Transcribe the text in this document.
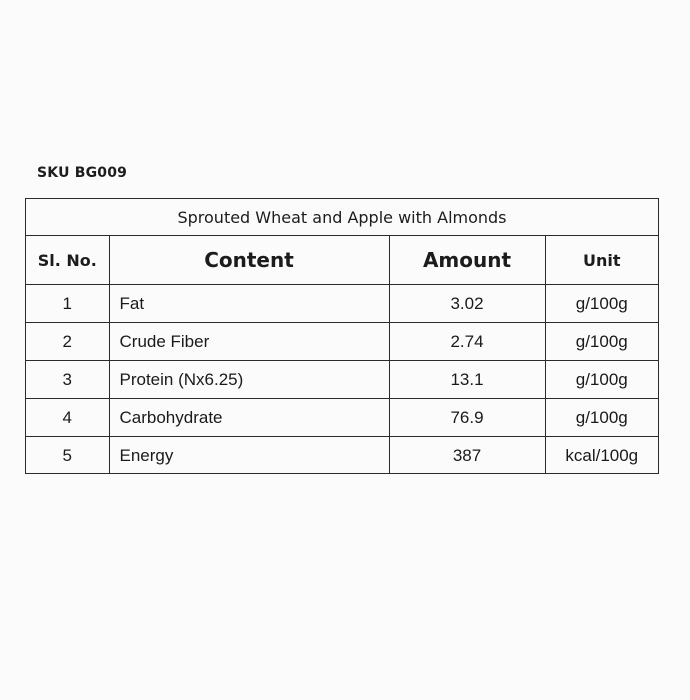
SKU BG009
Sprouted Wheat and Apple with Almonds
Sl. No.	Content	Amount	Unit
1	Fat	3.02	g/100g
2	Crude Fiber	2.74	g/100g
3	Protein (Nx6.25)	13.1	g/100g
4	Carbohydrate	76.9	g/100g
5	Energy	387	kcal/100g
